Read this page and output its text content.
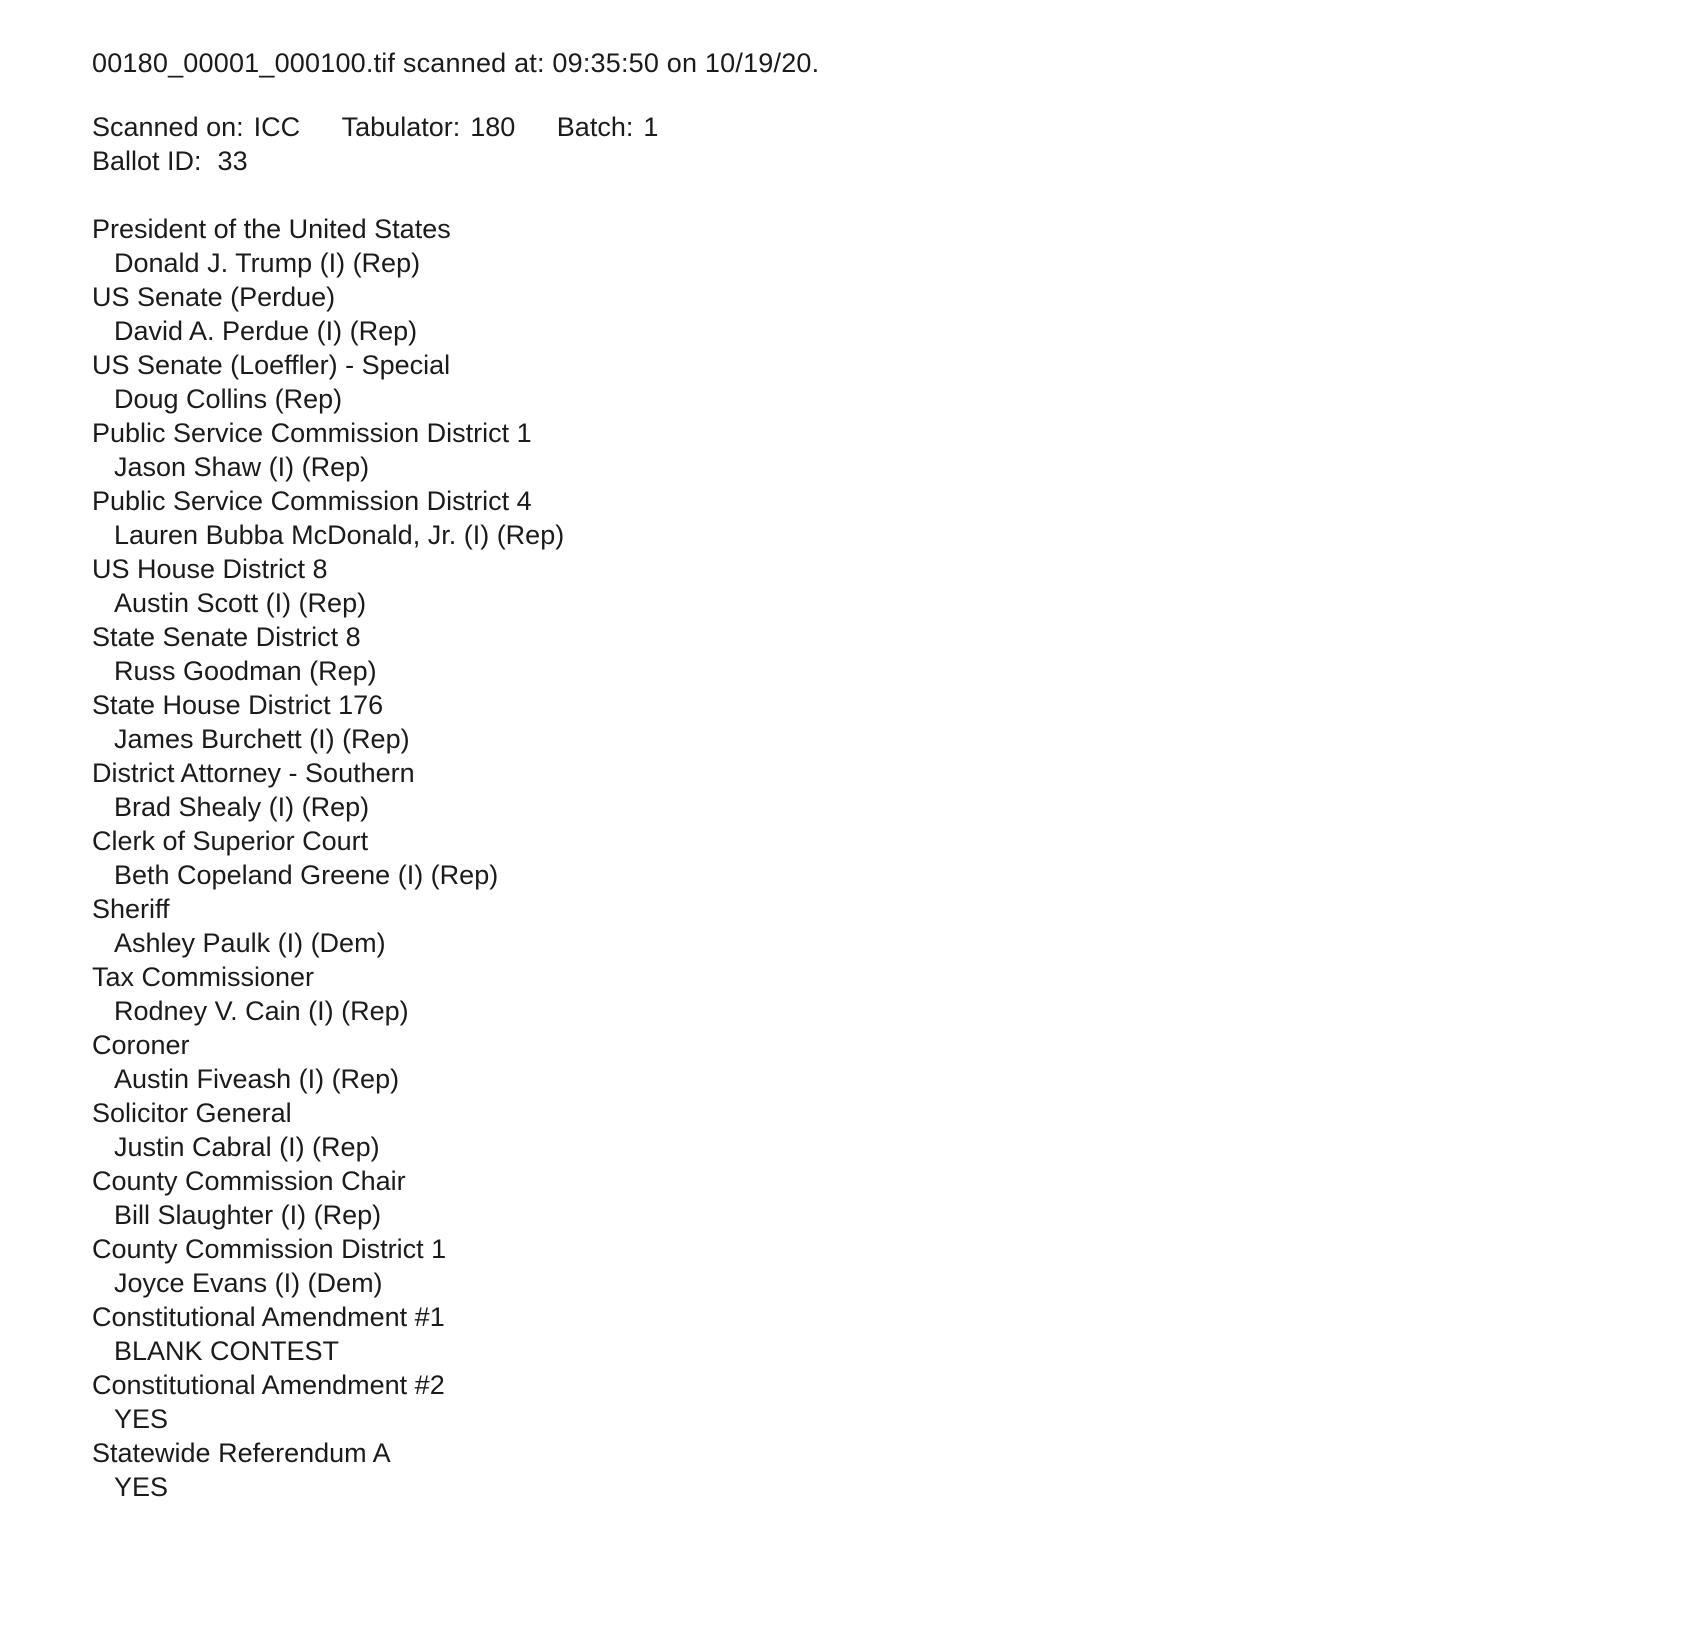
00180_00001_000100.tif scanned at: 09:35:50 on 10/19/20.
Scanned on: ICC Tabulator: 180 Batch: 1
Ballot ID: 33
President of the United States
Donald J. Trump (I) (Rep)
US Senate (Perdue)
David A. Perdue (I) (Rep)
US Senate (Loeffler) - Special
Doug Collins (Rep)
Public Service Commission District 1
Jason Shaw (I) (Rep)
Public Service Commission District 4
Lauren Bubba McDonald, Jr. (I) (Rep)
US House District 8
Austin Scott (I) (Rep)
State Senate District 8
Russ Goodman (Rep)
State House District 176
James Burchett (I) (Rep)
District Attorney - Southern
Brad Shealy (I) (Rep)
Clerk of Superior Court
Beth Copeland Greene (I) (Rep)
Sheriff
Ashley Paulk (I) (Dem)
Tax Commissioner
Rodney V. Cain (I) (Rep)
Coroner
Austin Fiveash (I) (Rep)
Solicitor General
Justin Cabral (I) (Rep)
County Commission Chair
Bill Slaughter (I) (Rep)
County Commission District 1
Joyce Evans (I) (Dem)
Constitutional Amendment #1
BLANK CONTEST
Constitutional Amendment #2
YES
Statewide Referendum A
YES
